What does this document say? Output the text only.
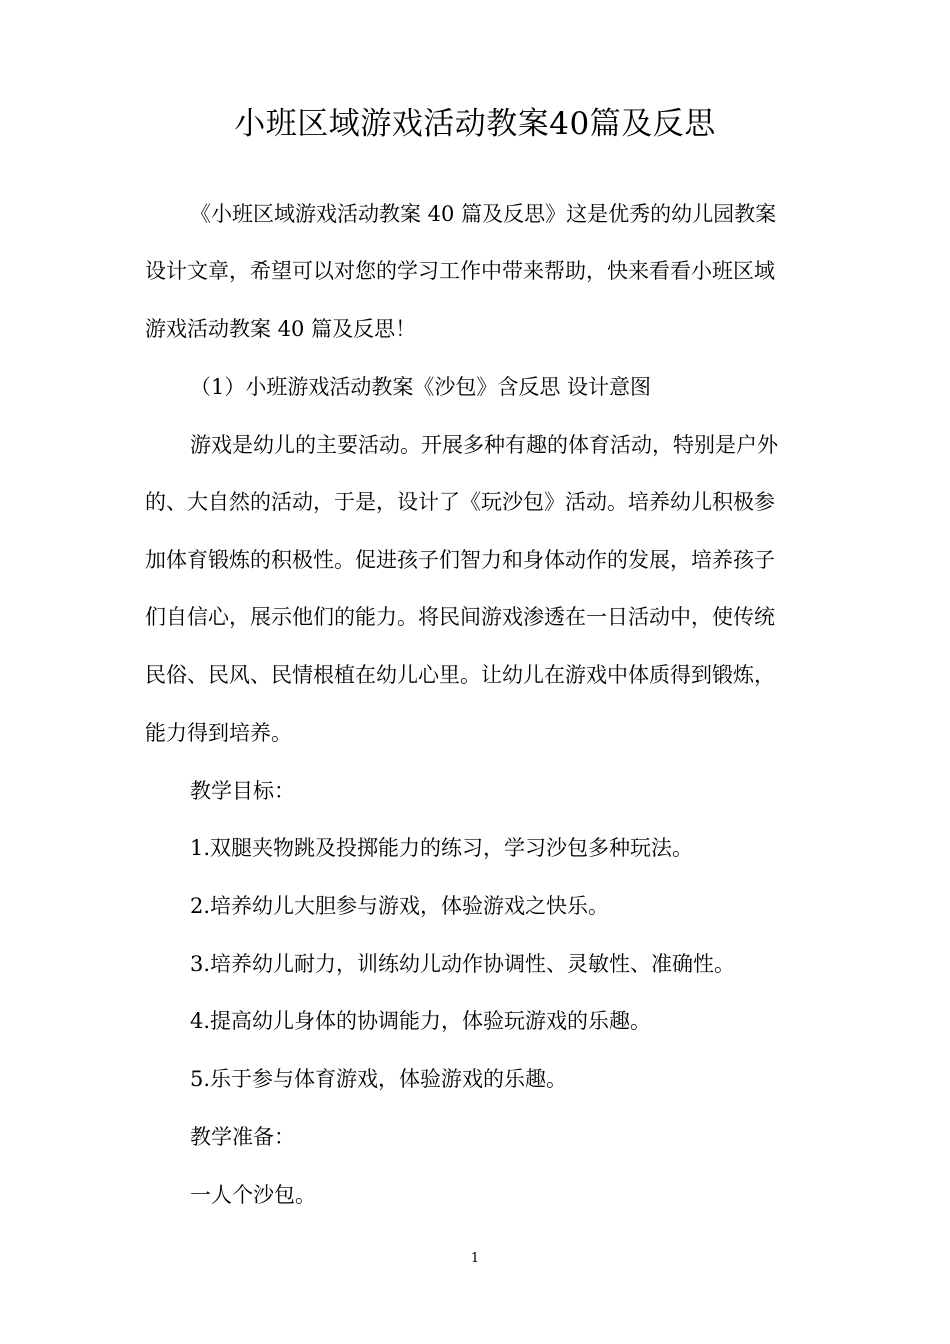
小班区域游戏活动教案40篇及反思
《小班区域游戏活动教案 40 篇及反思》这是优秀的幼儿园教案
设计文章，希望可以对您的学习工作中带来帮助，快来看看小班区域
游戏活动教案 40 篇及反思！
（1）小班游戏活动教案《沙包》含反思 设计意图
游戏是幼儿的主要活动。开展多种有趣的体育活动，特别是户外
的、大自然的活动，于是，设计了《玩沙包》活动。培养幼儿积极参
加体育锻炼的积极性。促进孩子们智力和身体动作的发展，培养孩子
们自信心，展示他们的能力。将民间游戏渗透在一日活动中，使传统
民俗、民风、民情根植在幼儿心里。让幼儿在游戏中体质得到锻炼，
能力得到培养。
教学目标：
1.双腿夹物跳及投掷能力的练习，学习沙包多种玩法。
2.培养幼儿大胆参与游戏，体验游戏之快乐。
3.培养幼儿耐力，训练幼儿动作协调性、灵敏性、准确性。
4.提高幼儿身体的协调能力，体验玩游戏的乐趣。
5.乐于参与体育游戏，体验游戏的乐趣。
教学准备：
一人个沙包。
1
